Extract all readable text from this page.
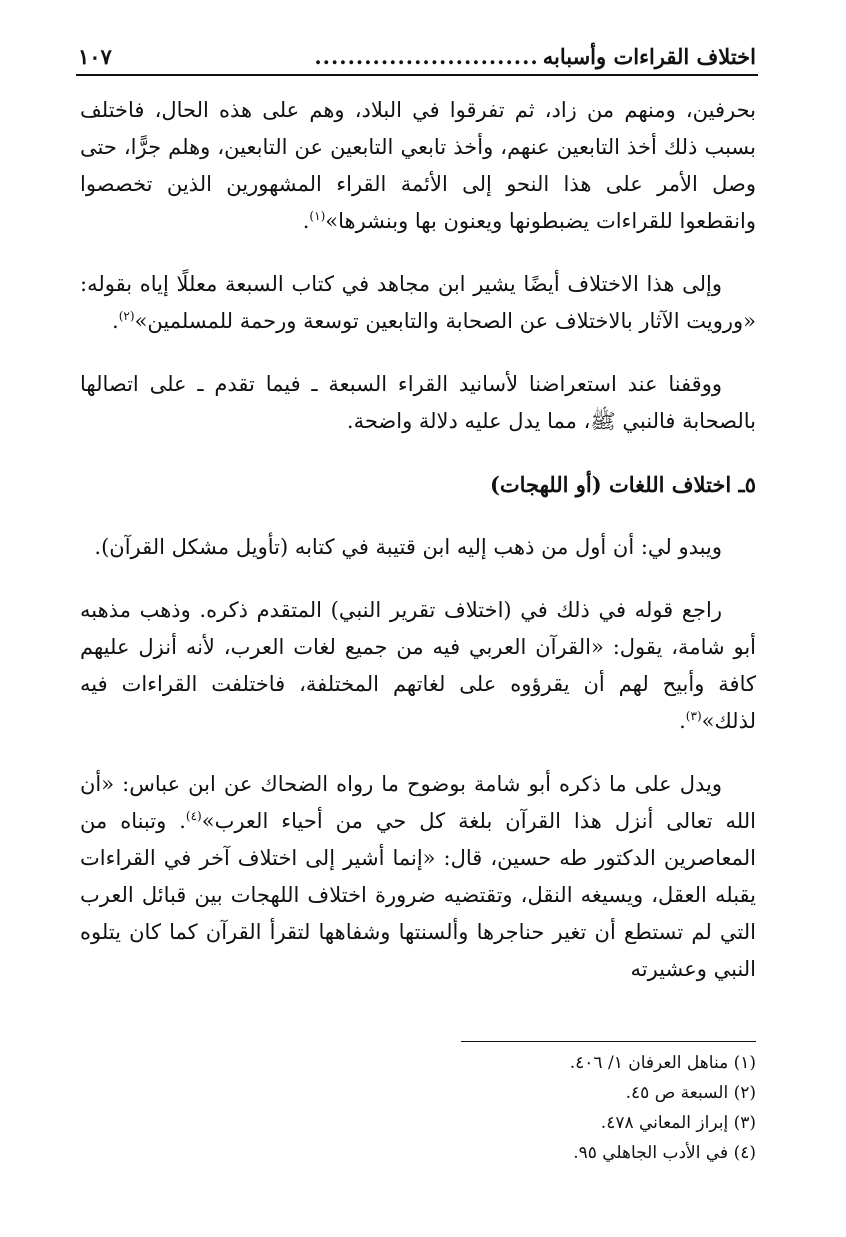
اختلاف القراءات وأسبابه
...........................
١٠٧

بحرفين، ومنهم من زاد، ثم تفرقوا في البلاد، وهم على هذه الحال، فاختلف بسبب ذلك أخذ التابعين عنهم، وأخذ تابعي التابعين عن التابعين، وهلم جرًّا، حتى وصل الأمر على هذا النحو إلى الأئمة القراء المشهورين الذين تخصصوا وانقطعوا للقراءات يضبطونها ويعنون بها وبنشرها»$^{(١)}$.

وإلى هذا الاختلاف أيضًا يشير ابن مجاهد في كتاب السبعة معللًا إياه بقوله: «ورويت الآثار بالاختلاف عن الصحابة والتابعين توسعة ورحمة للمسلمين»$^{(٢)}$.

ووقفنا عند استعراضنا لأسانيد القراء السبعة ـ فيما تقدم ـ على اتصالها بالصحابة فالنبي ﷺ، مما يدل عليه دلالة واضحة.

٥ـ اختلاف اللغات (أو اللهجات)

ويبدو لي: أن أول من ذهب إليه ابن قتيبة في كتابه (تأويل مشكل القرآن).

راجع قوله في ذلك في (اختلاف تقرير النبي) المتقدم ذكره. وذهب مذهبه أبو شامة، يقول: «القرآن العربي فيه من جميع لغات العرب، لأنه أنزل عليهم كافة وأبيح لهم أن يقرؤوه على لغاتهم المختلفة، فاختلفت القراءات فيه لذلك»$^{(٣)}$.

ويدل على ما ذكره أبو شامة بوضوح ما رواه الضحاك عن ابن عباس: «أن الله تعالى أنزل هذا القرآن بلغة كل حي من أحياء العرب»$^{(٤)}$. وتبناه من المعاصرين الدكتور طه حسين، قال: «إنما أشير إلى اختلاف آخر في القراءات يقبله العقل، ويسيغه النقل، وتقتضيه ضرورة اختلاف اللهجات بين قبائل العرب التي لم تستطع أن تغير حناجرها وألسنتها وشفاهها لتقرأ القرآن كما كان يتلوه النبي وعشيرته

(١) مناهل العرفان ١/ ٤٠٦.
(٢) السبعة ص ٤٥.
(٣) إبراز المعاني ٤٧٨.
(٤) في الأدب الجاهلي ٩٥.
